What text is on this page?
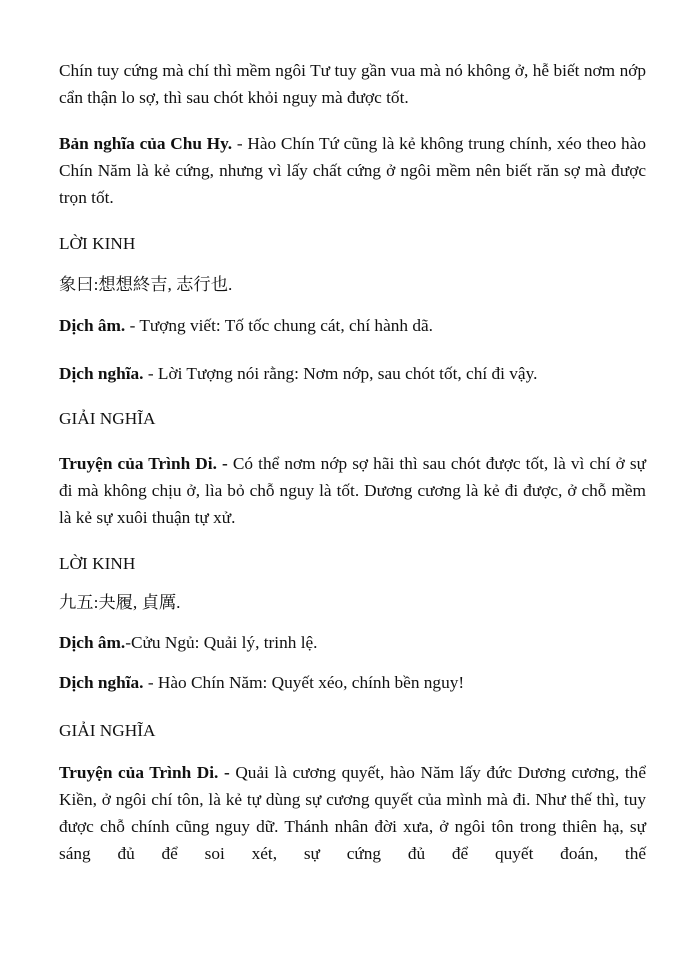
Chín tuy cứng mà chí thì mềm ngôi Tư tuy gần vua mà nó không ở, hễ biết nơm nớp cẩn thận lo sợ, thì sau chót khỏi nguy mà được tốt.
Bản nghĩa của Chu Hy. - Hào Chín Tứ cũng là kẻ không trung chính, xéo theo hào Chín Năm là kẻ cứng, nhưng vì lấy chất cứng ở ngôi mềm nên biết răn sợ mà được trọn tốt.
LỜI KINH
象曰:想想終吉, 志行也.
Dịch âm. - Tượng viết: Tố tốc chung cát, chí hành dã.
Dịch nghĩa. - Lời Tượng nói rằng: Nơm nớp, sau chót tốt, chí đi vậy.
GIẢI NGHĨA
Truyện của Trình Di. - Có thể nơm nớp sợ hãi thì sau chót được tốt, là vì chí ở sự đi mà không chịu ở, lìa bỏ chỗ nguy là tốt. Dương cương là kẻ đi được, ở chỗ mềm là kẻ sự xuôi thuận tự xử.
LỜI KINH
九五:夬履, 貞厲.
Dịch âm.-Cửu Ngủ: Quải lý, trinh lệ.
Dịch nghĩa. - Hào Chín Năm: Quyết xéo, chính bền nguy!
GIẢI NGHĨA
Truyện của Trình Di. - Quải là cương quyết, hào Năm lấy đức Dương cương, thể Kiền, ở ngôi chí tôn, là kẻ tự dùng sự cương quyết của mình mà đi. Như thế thì, tuy được chỗ chính cũng nguy dữ. Thánh nhân đời xưa, ở ngôi tôn trong thiên hạ, sự sáng đủ để soi xét, sự cứng đủ để quyết đoán, thế
